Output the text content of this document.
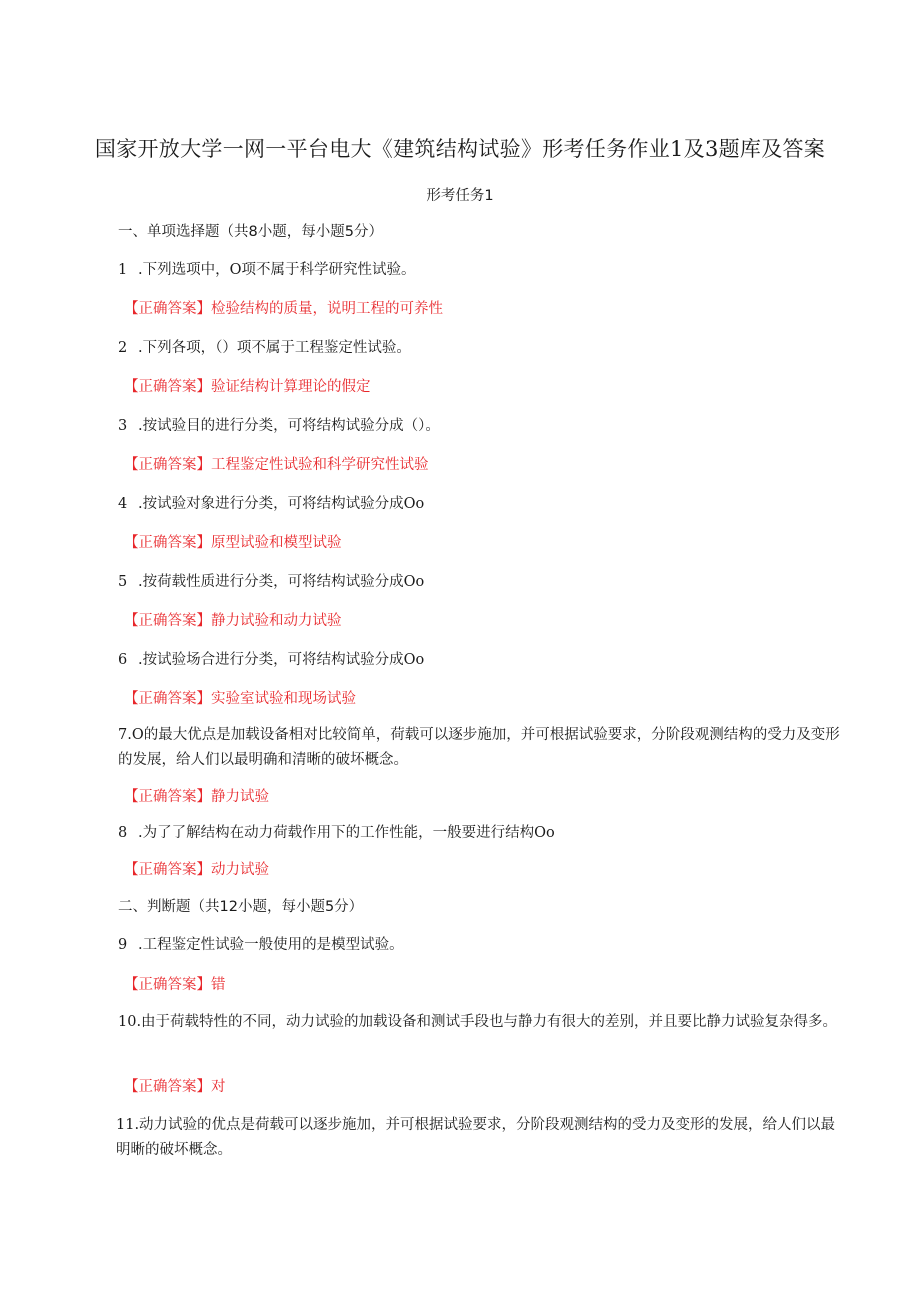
国家开放大学一网一平台电大《建筑结构试验》形考任务作业1及3题库及答案
形考任务1
一、单项选择题（共8小题，每小题5分）
1 .下列选项中，O项不属于科学研究性试验。
【正确答案】检验结构的质量，说明工程的可养性
2 .下列各项，（）项不属于工程鉴定性试验。
【正确答案】验证结构计算理论的假定
3 .按试验目的进行分类，可将结构试验分成（）。
【正确答案】工程鉴定性试验和科学研究性试验
4 .按试验对象进行分类，可将结构试验分成Oo
【正确答案】原型试验和模型试验
5 .按荷载性质进行分类，可将结构试验分成Oo
【正确答案】静力试验和动力试验
6 .按试验场合进行分类，可将结构试验分成Oo
【正确答案】实验室试验和现场试验
7.O的最大优点是加载设备相对比较简单，荷载可以逐步施加，并可根据试验要求，分阶段观测结构的受力及变形的发展，给人们以最明确和清晰的破坏概念。
【正确答案】静力试验
8 .为了了解结构在动力荷载作用下的工作性能，一般要进行结构Oo
【正确答案】动力试验
二、判断题（共12小题，每小题5分）
9 .工程鉴定性试验一般使用的是模型试验。
【正确答案】错
10.由于荷载特性的不同，动力试验的加载设备和测试手段也与静力有很大的差别，并且要比静力试验复杂得多。
【正确答案】对
11.动力试验的优点是荷载可以逐步施加，并可根据试验要求，分阶段观测结构的受力及变形的发展，给人们以最明晰的破坏概念。
